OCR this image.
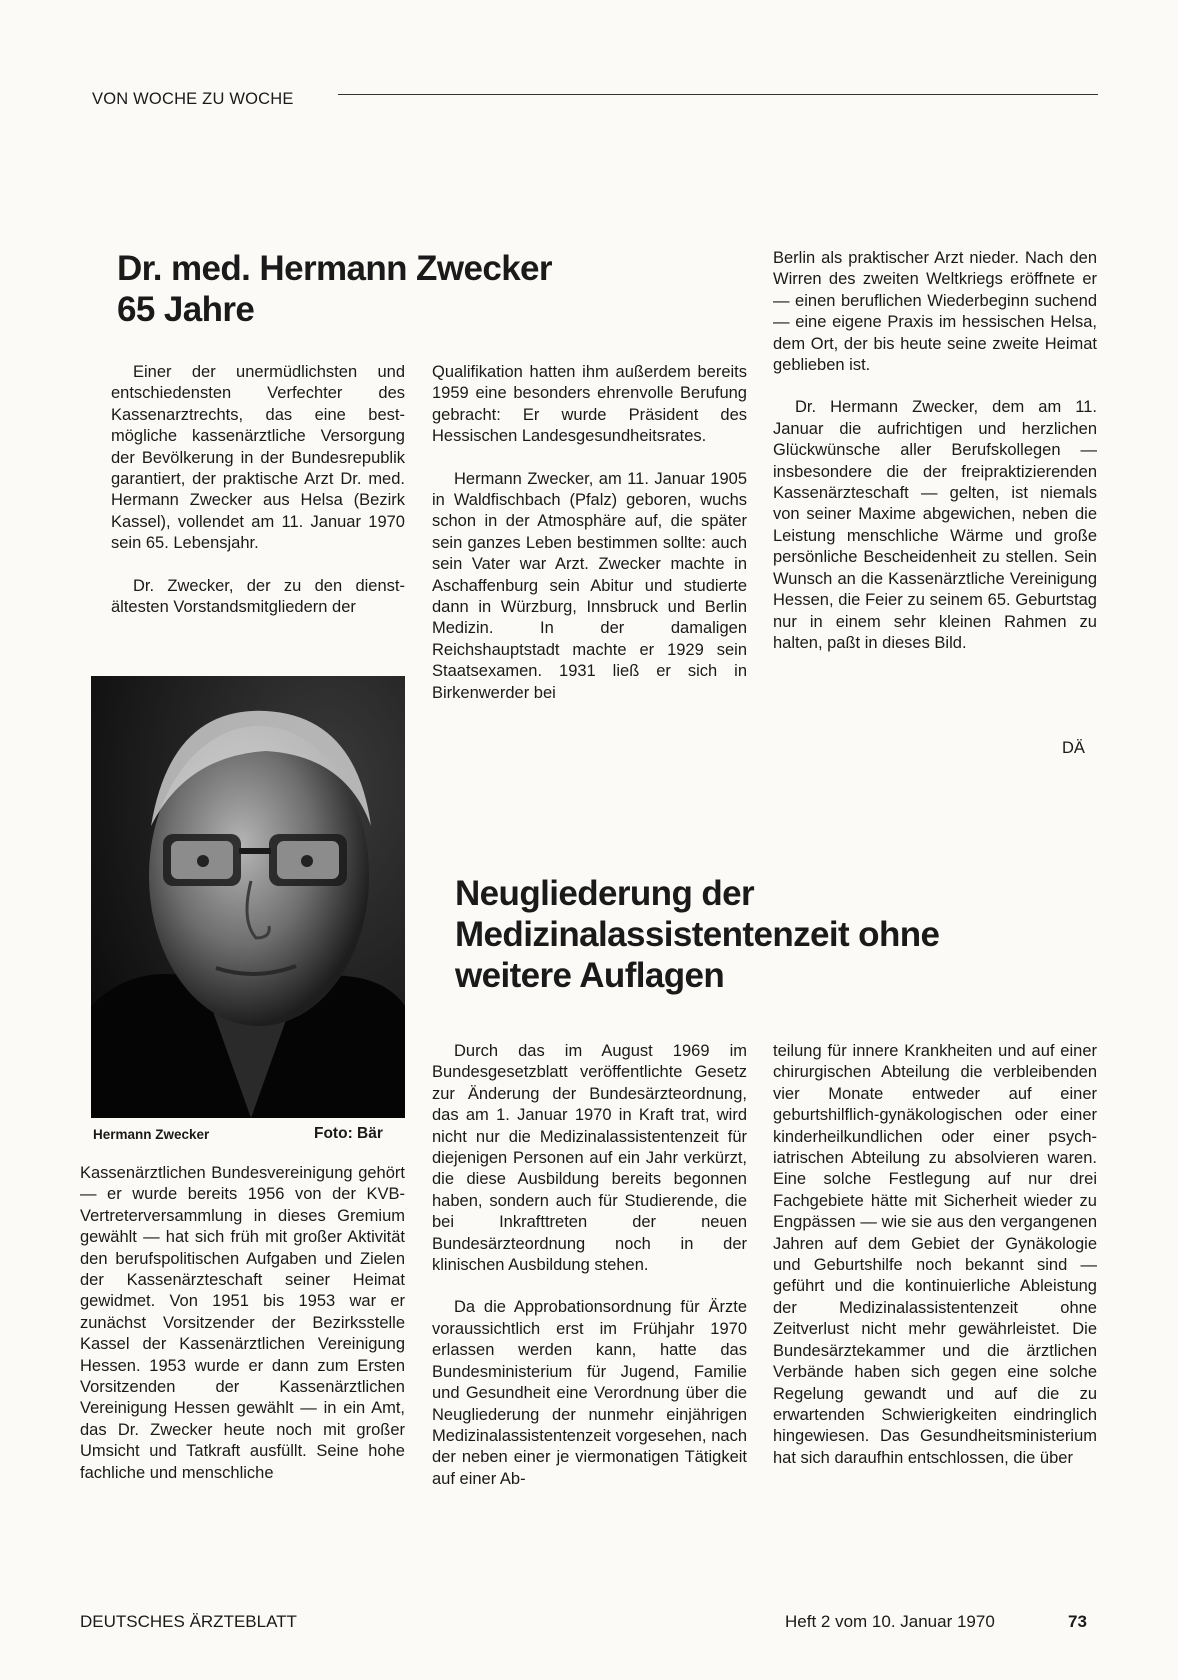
VON WOCHE ZU WOCHE
Dr. med. Hermann Zwecker
65 Jahre

Einer der unermüdlichsten und entschiedensten Verfechter des Kassenarztrechts, das eine bestmögliche kassenärztliche Versorgung der Bevölkerung in der Bundesrepublik garantiert, der praktische Arzt Dr. med. Hermann Zwecker aus Helsa (Bezirk Kassel), vollendet am 11. Januar 1970 sein 65. Lebensjahr.

Dr. Zwecker, der zu den dienstältesten Vorstandsmitgliedern der

Hermann Zwecker	Foto: Bär

Kassenärztlichen Bundesvereinigung gehört — er wurde bereits 1956 von der KVB-Vertreterversammlung in dieses Gremium gewählt — hat sich früh mit großer Aktivität den berufspolitischen Aufgaben und Zielen der Kassenärzteschaft seiner Heimat gewidmet. Von 1951 bis 1953 war er zunächst Vorsitzender der Bezirksstelle Kassel der Kassenärztlichen Vereinigung Hessen. 1953 wurde er dann zum Ersten Vorsitzenden der Kassenärztlichen Vereinigung Hessen gewählt — in ein Amt, das Dr. Zwecker heute noch mit großer Umsicht und Tatkraft ausfüllt. Seine hohe fachliche und menschliche

Qualifikation hatten ihm außerdem bereits 1959 eine besonders ehrenvolle Berufung gebracht: Er wurde Präsident des Hessischen Landesgesundheitsrates.

Hermann Zwecker, am 11. Januar 1905 in Waldfischbach (Pfalz) geboren, wuchs schon in der Atmosphäre auf, die später sein ganzes Leben bestimmen sollte: auch sein Vater war Arzt. Zwecker machte in Aschaffenburg sein Abitur und studierte dann in Würzburg, Innsbruck und Berlin Medizin. In der damaligen Reichshauptstadt machte er 1929 sein Staatsexamen. 1931 ließ er sich in Birkenwerder bei

Berlin als praktischer Arzt nieder. Nach den Wirren des zweiten Weltkriegs eröffnete er — einen beruflichen Wiederbeginn suchend — eine eigene Praxis im hessischen Helsa, dem Ort, der bis heute seine zweite Heimat geblieben ist.

Dr. Hermann Zwecker, dem am 11. Januar die aufrichtigen und herzlichen Glückwünsche aller Berufskollegen — insbesondere die der freipraktizierenden Kassenärzteschaft — gelten, ist niemals von seiner Maxime abgewichen, neben die Leistung menschliche Wärme und große persönliche Bescheidenheit zu stellen. Sein Wunsch an die Kassenärztliche Vereinigung Hessen, die Feier zu seinem 65. Geburtstag nur in einem sehr kleinen Rahmen zu halten, paßt in dieses Bild.

DÄ
Neugliederung der
Medizinalassistentenzeit ohne
weitere Auflagen

Durch das im August 1969 im Bundesgesetzblatt veröffentlichte Gesetz zur Änderung der Bundesärzteordnung, das am 1. Januar 1970 in Kraft trat, wird nicht nur die Medizinalassistentenzeit für diejenigen Personen auf ein Jahr verkürzt, die diese Ausbildung bereits begonnen haben, sondern auch für Studierende, die bei Inkrafttreten der neuen Bundesärzteordnung noch in der klinischen Ausbildung stehen.

Da die Approbationsordnung für Ärzte voraussichtlich erst im Frühjahr 1970 erlassen werden kann, hatte das Bundesministerium für Jugend, Familie und Gesundheit eine Verordnung über die Neugliederung der nunmehr einjährigen Medizinalassistentenzeit vorgesehen, nach der neben einer je viermonatigen Tätigkeit auf einer Ab-

teilung für innere Krankheiten und auf einer chirurgischen Abteilung die verbleibenden vier Monate entweder auf einer geburtshilflich-gynäkologischen oder einer kinderheilkundlichen oder einer psychiatrischen Abteilung zu absolvieren waren. Eine solche Festlegung auf nur drei Fachgebiete hätte mit Sicherheit wieder zu Engpässen — wie sie aus den vergangenen Jahren auf dem Gebiet der Gynäkologie und Geburtshilfe noch bekannt sind — geführt und die kontinuierliche Ableistung der Medizinalassistentenzeit ohne Zeitverlust nicht mehr gewährleistet. Die Bundesärztekammer und die ärztlichen Verbände haben sich gegen eine solche Regelung gewandt und auf die zu erwartenden Schwierigkeiten eindringlich hingewiesen. Das Gesundheitsministerium hat sich daraufhin entschlossen, die über

DEUTSCHES ÄRZTEBLATT	Heft 2 vom 10. Januar 1970	73
